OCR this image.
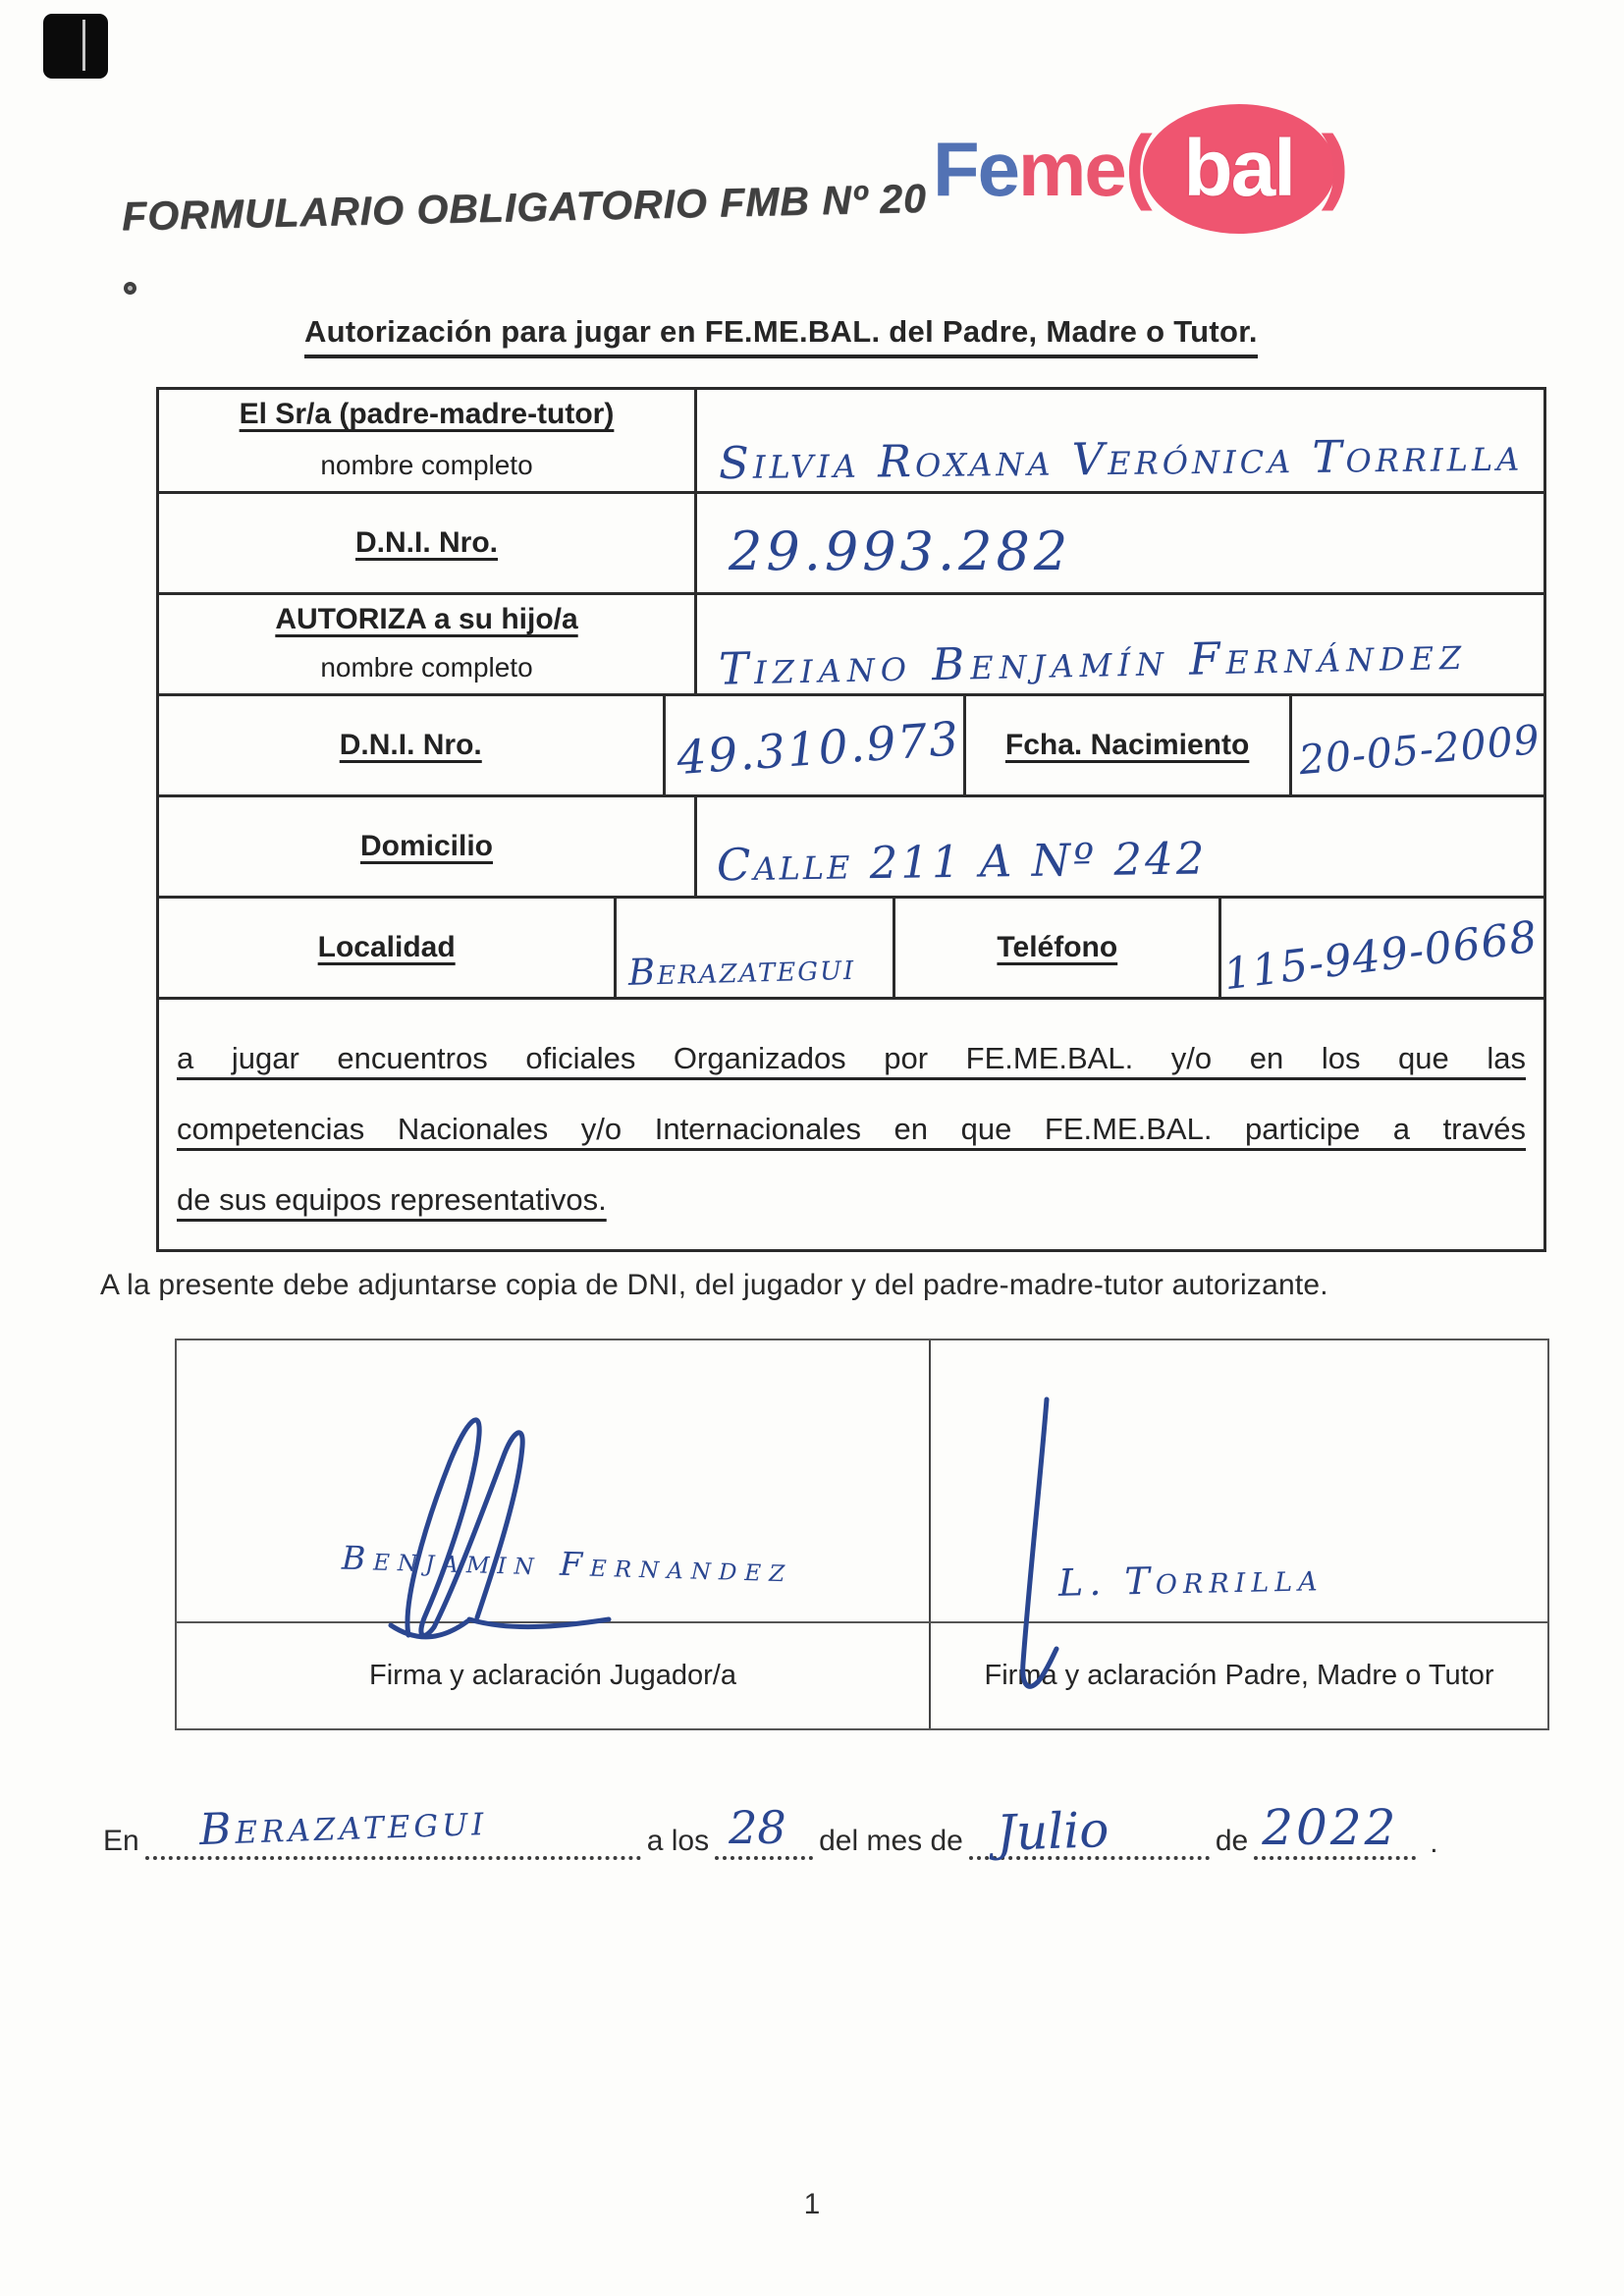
Fe me ( bal )
FORMULARIO OBLIGATORIO FMB Nº 20
Autorización para jugar en FE.ME.BAL. del Padre, Madre o Tutor.
El Sr/a (padre-madre-tutor)
nombre completo	Silvia Roxana Verónica Torrilla
D.N.I. Nro.	29.993.282
AUTORIZA a su hijo/a
nombre completo	Tiziano Benjamín Fernández
D.N.I. Nro.	49.310.973 Fcha. Nacimiento 20-05-2009
Domicilio	Calle 211 A Nº 242
Localidad	Berazategui	Teléfono 115-949-0668
a jugar encuentros oficiales Organizados por FE.ME.BAL. y/o en los que las
competencias Nacionales y/o Internacionales en que FE.ME.BAL. participe a través
de sus equipos representativos.
A la presente debe adjuntarse copia de DNI, del jugador y del padre-madre-tutor autorizante.
Benjamin Fernandez	L. Torrilla
Firma y aclaración Jugador/a	Firma y aclaración Padre, Madre o Tutor
En Berazategui	a los 28 del mes de Julio	de 2022 .
1
